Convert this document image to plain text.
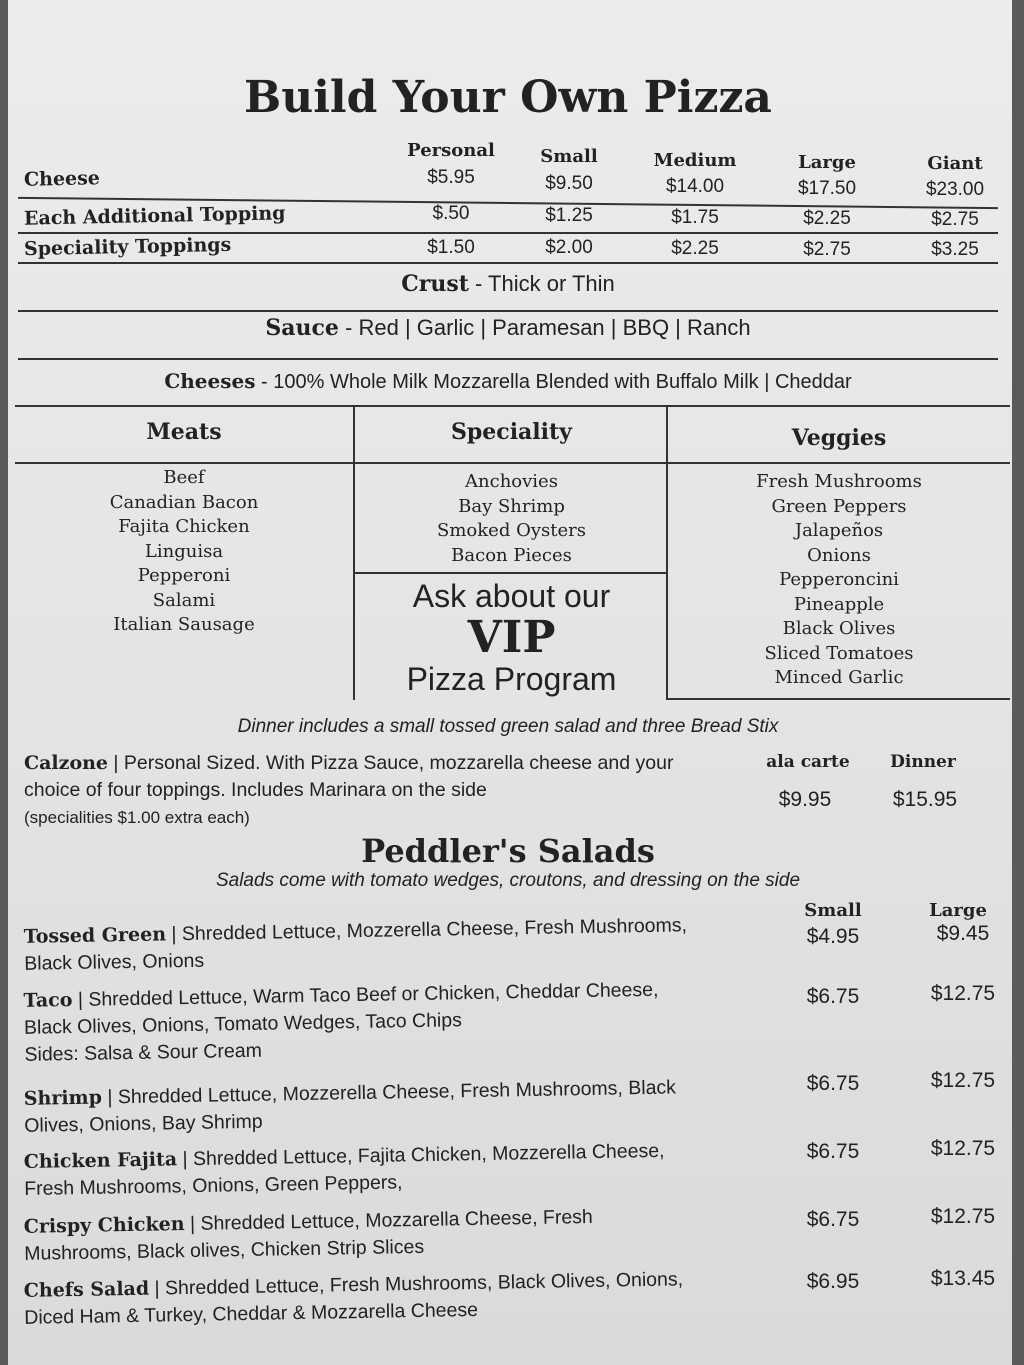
Build Your Own Pizza
Personal	Small	Medium	Large	Giant
Cheese	$5.95	$9.50	$14.00	$17.50	$23.00
Each Additional Topping	$.50	$1.25	$1.75	$2.25	$2.75
Speciality Toppings	$1.50	$2.00	$2.25	$2.75	$3.25
Crust - Thick or Thin
Sauce - Red | Garlic | Paramesan | BBQ | Ranch
Cheeses - 100% Whole Milk Mozzarella Blended with Buffalo Milk | Cheddar
Meats
Beef
Canadian Bacon
Fajita Chicken
Linguisa
Pepperoni
Salami
Italian Sausage
Speciality
Anchovies
Bay Shrimp
Smoked Oysters
Bacon Pieces
Veggies
Fresh Mushrooms
Green Peppers
Jalapeños
Onions
Pepperoncini
Pineapple
Black Olives
Sliced Tomatoes
Minced Garlic
Ask about our
VIP
Pizza Program
Dinner includes a small tossed green salad and three Bread Stix
Calzone | Personal Sized. With Pizza Sauce, mozzarella cheese and your choice of four toppings. Includes Marinara on the side
(specialities $1.00 extra each)
ala carte	Dinner
$9.95	$15.95
Peddler's Salads
Salads come with tomato wedges, croutons, and dressing on the side
Small	Large
Tossed Green | Shredded Lettuce, Mozzerella Cheese, Fresh Mushrooms, Black Olives, Onions
$4.95	$9.45
Taco | Shredded Lettuce, Warm Taco Beef or Chicken, Cheddar Cheese, Black Olives, Onions, Tomato Wedges, Taco Chips
Sides: Salsa & Sour Cream
$6.75	$12.75
Shrimp | Shredded Lettuce, Mozzerella Cheese, Fresh Mushrooms, Black Olives, Onions, Bay Shrimp
$6.75	$12.75
Chicken Fajita | Shredded Lettuce, Fajita Chicken, Mozzerella Cheese, Fresh Mushrooms, Onions, Green Peppers,
$6.75	$12.75
Crispy Chicken | Shredded Lettuce, Mozzarella Cheese, Fresh Mushrooms, Black olives, Chicken Strip Slices
$6.75	$12.75
Chefs Salad | Shredded Lettuce, Fresh Mushrooms, Black Olives, Onions, Diced Ham & Turkey, Cheddar & Mozzarella Cheese
$6.95	$13.45
